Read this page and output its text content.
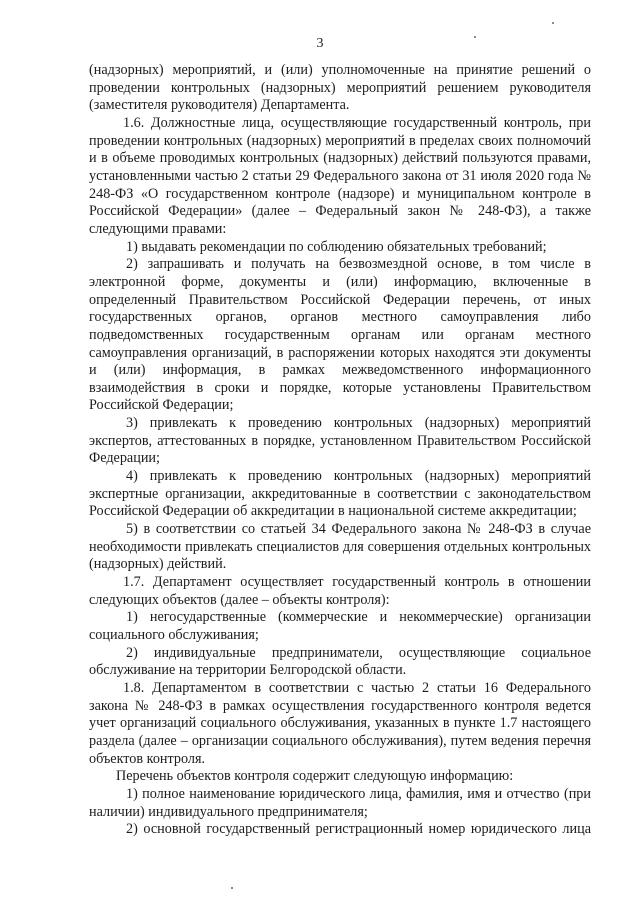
3

(надзорных) мероприятий, и (или) уполномоченные на принятие решений о проведении контрольных (надзорных) мероприятий решением руководителя (заместителя руководителя) Департамента.

1.6. Должностные лица, осуществляющие государственный контроль, при проведении контрольных (надзорных) мероприятий в пределах своих полномочий и в объеме проводимых контрольных (надзорных) действий пользуются правами, установленными частью 2 статьи 29 Федерального закона от 31 июля 2020 года № 248-ФЗ «О государственном контроле (надзоре) и муниципальном контроле в Российской Федерации» (далее – Федеральный закон № 248-ФЗ), а также следующими правами:

1) выдавать рекомендации по соблюдению обязательных требований;

2) запрашивать и получать на безвозмездной основе, в том числе в электронной форме, документы и (или) информацию, включенные в определенный Правительством Российской Федерации перечень, от иных государственных органов, органов местного самоуправления либо подведомственных государственным органам или органам местного самоуправления организаций, в распоряжении которых находятся эти документы и (или) информация, в рамках межведомственного информационного взаимодействия в сроки и порядке, которые установлены Правительством Российской Федерации;

3) привлекать к проведению контрольных (надзорных) мероприятий экспертов, аттестованных в порядке, установленном Правительством Российской Федерации;

4) привлекать к проведению контрольных (надзорных) мероприятий экспертные организации, аккредитованные в соответствии с законодательством Российской Федерации об аккредитации в национальной системе аккредитации;

5) в соответствии со статьей 34 Федерального закона № 248-ФЗ в случае необходимости привлекать специалистов для совершения отдельных контрольных (надзорных) действий.

1.7. Департамент осуществляет государственный контроль в отношении следующих объектов (далее – объекты контроля):

1) негосударственные (коммерческие и некоммерческие) организации социального обслуживания;

2) индивидуальные предприниматели, осуществляющие социальное обслуживание на территории Белгородской области.

1.8. Департаментом в соответствии с частью 2 статьи 16 Федерального закона № 248-ФЗ в рамках осуществления государственного контроля ведется учет организаций социального обслуживания, указанных в пункте 1.7 настоящего раздела (далее – организации социального обслуживания), путем ведения перечня объектов контроля.

Перечень объектов контроля содержит следующую информацию:

1) полное наименование юридического лица, фамилия, имя и отчество (при наличии) индивидуального предпринимателя;

2) основной государственный регистрационный номер юридического лица
